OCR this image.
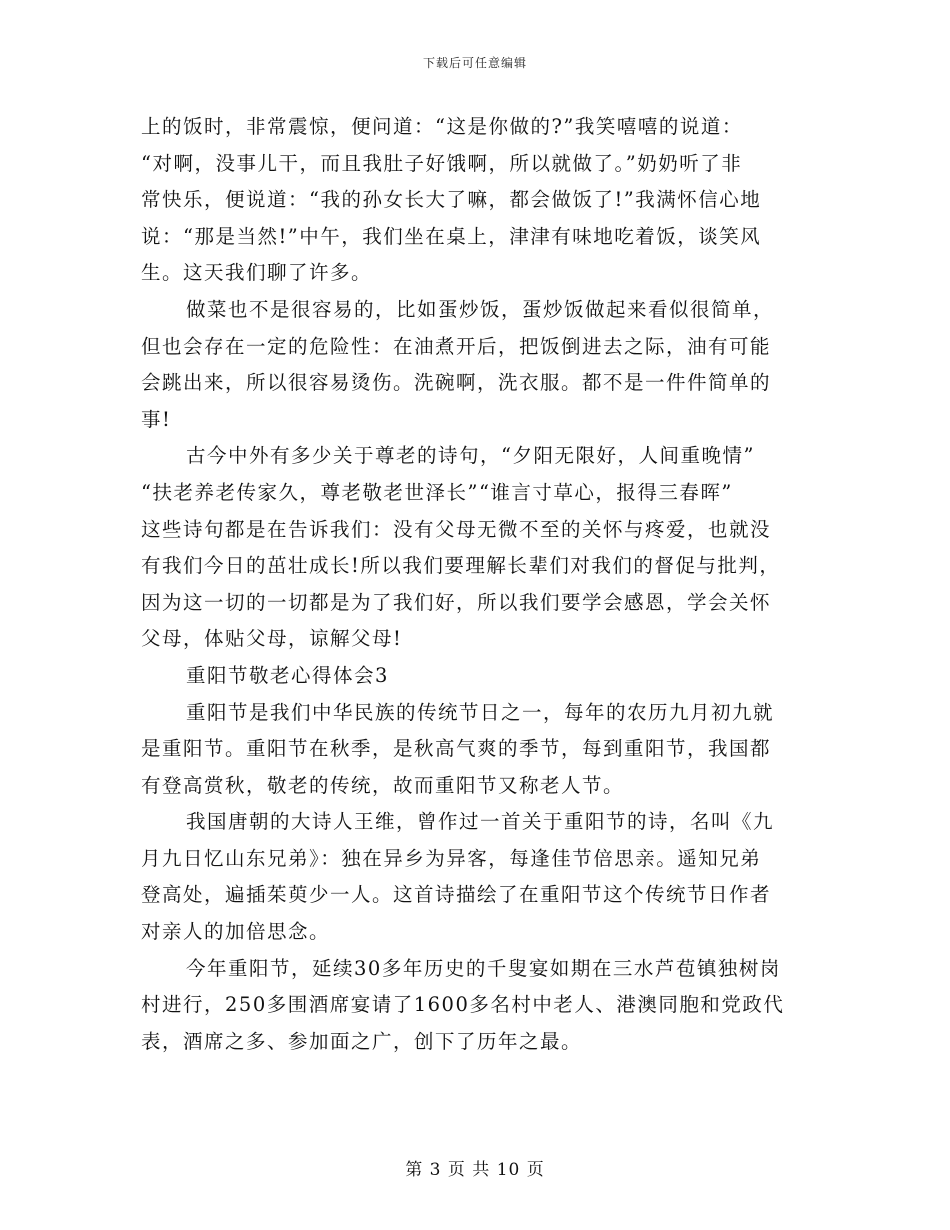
下载后可任意编辑
上的饭时，非常震惊，便问道：“这是你做的?”我笑嘻嘻的说道：
“对啊，没事儿干，而且我肚子好饿啊，所以就做了。”奶奶听了非
常快乐，便说道：“我的孙女长大了嘛，都会做饭了!”我满怀信心地
说：“那是当然!”中午，我们坐在桌上，津津有味地吃着饭，谈笑风
生。这天我们聊了许多。
做菜也不是很容易的，比如蛋炒饭，蛋炒饭做起来看似很简单，
但也会存在一定的危险性：在油煮开后，把饭倒进去之际，油有可能
会跳出来，所以很容易烫伤。洗碗啊，洗衣服。都不是一件件简单的
事!
古今中外有多少关于尊老的诗句，“夕阳无限好，人间重晚情”
“扶老养老传家久，尊老敬老世泽长”“谁言寸草心，报得三春晖”
这些诗句都是在告诉我们：没有父母无微不至的关怀与疼爱，也就没
有我们今日的茁壮成长!所以我们要理解长辈们对我们的督促与批判，
因为这一切的一切都是为了我们好，所以我们要学会感恩，学会关怀
父母，体贴父母，谅解父母!
重阳节敬老心得体会3
重阳节是我们中华民族的传统节日之一，每年的农历九月初九就
是重阳节。重阳节在秋季，是秋高气爽的季节，每到重阳节，我国都
有登高赏秋，敬老的传统，故而重阳节又称老人节。
我国唐朝的大诗人王维，曾作过一首关于重阳节的诗，名叫《九
月九日忆山东兄弟》：独在异乡为异客，每逢佳节倍思亲。遥知兄弟
登高处，遍插茱萸少一人。这首诗描绘了在重阳节这个传统节日作者
对亲人的加倍思念。
今年重阳节，延续30多年历史的千叟宴如期在三水芦苞镇独树岗
村进行，250多围酒席宴请了1600多名村中老人、港澳同胞和党政代
表，酒席之多、参加面之广，创下了历年之最。
第 3 页 共 10 页
